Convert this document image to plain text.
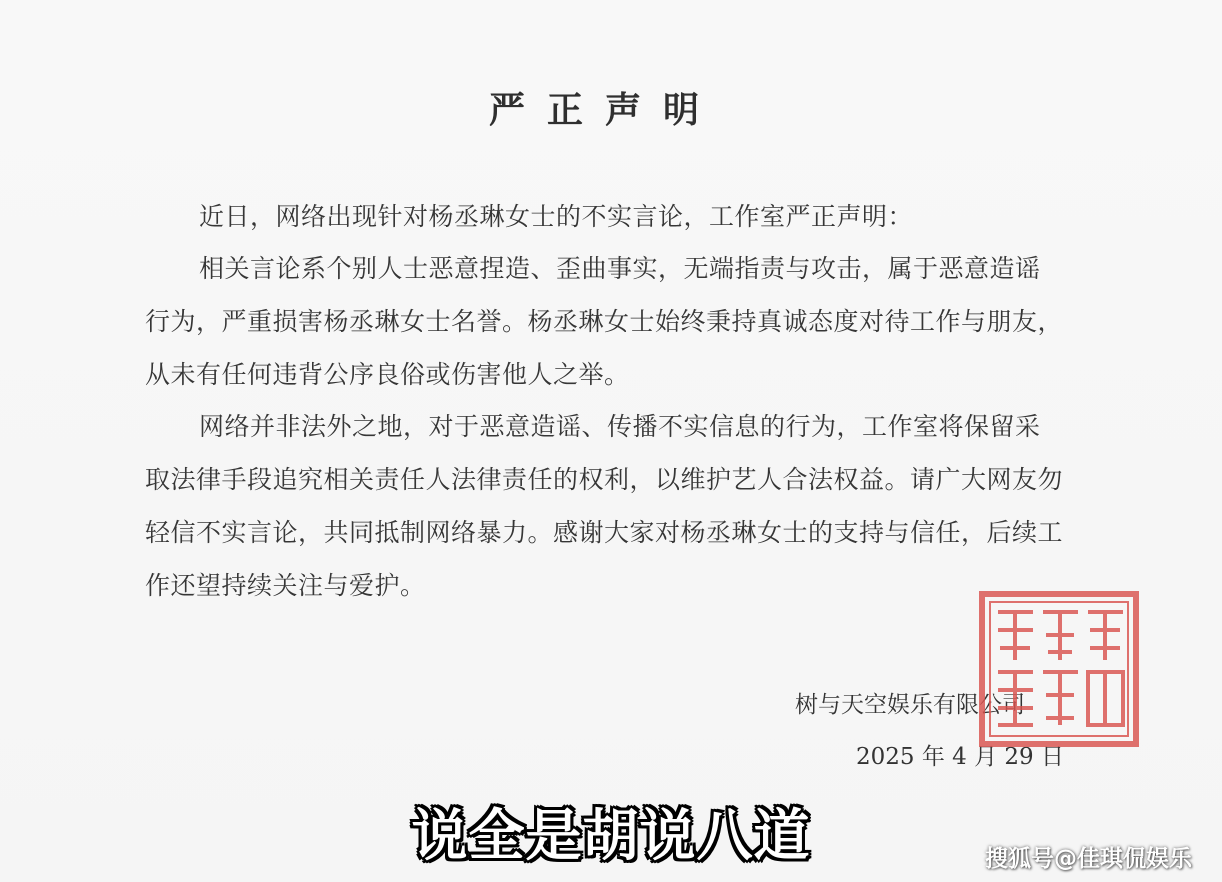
严正声明

近日，网络出现针对杨丞琳女士的不实言论，工作室严正声明：

相关言论系个别人士恶意捏造、歪曲事实，无端指责与攻击，属于恶意造谣行为，严重损害杨丞琳女士名誉。杨丞琳女士始终秉持真诚态度对待工作与朋友，从未有任何违背公序良俗或伤害他人之举。

网络并非法外之地，对于恶意造谣、传播不实信息的行为，工作室将保留采取法律手段追究相关责任人法律责任的权利，以维护艺人合法权益。请广大网友勿轻信不实言论，共同抵制网络暴力。感谢大家对杨丞琳女士的支持与信任，后续工作还望持续关注与爱护。

树与天空娱乐有限公司
2025 年 4 月 29 日
说全是胡说八道	搜狐号@佳琪侃娱乐
